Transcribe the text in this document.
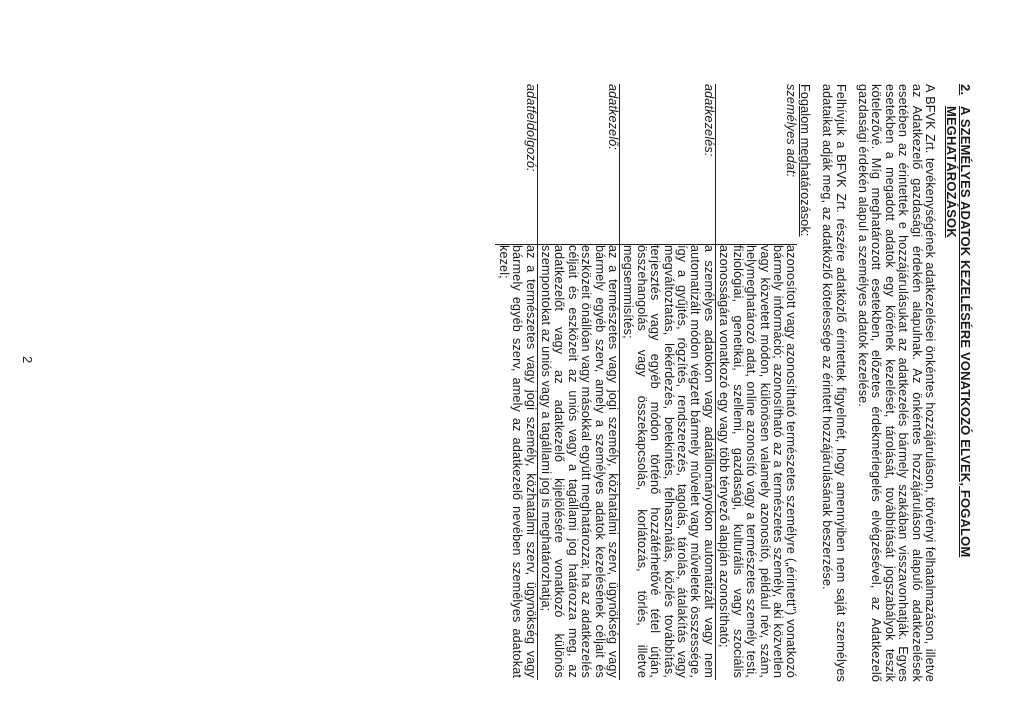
2.
A SZEMÉLYES ADATOK KEZELÉSÉRE VONATKOZÓ ELVEK, FOGALOM MEGHATÁROZÁSOK

A BFVK Zrt. tevékenységének adatkezelései önkéntes hozzájáruláson, törvényi felhatalmazáson, illetve az Adatkezelő gazdasági érdekén alapulnak. Az önkéntes hozzájáruláson alapuló adatkezelések esetében az érintettek e hozzájárulásukat az adatkezelés bármely szakában visszavonhatják. Egyes esetekben a megadott adatok egy körének kezelését, tárolását, továbbítását jogszabályok teszik kötelezővé. Míg meghatározott esetekben, előzetes érdekmérlegelés elvégzésével, az Adatkezelő gazdasági érdekén alapul a személyes adatok kezelése.

Felhívjuk a BFVK Zrt. részére adatközlő érintettek figyelmét, hogy amennyiben nem saját személyes adataikat adják meg, az adatközlő kötelessége az érintett hozzájárulásának beszerzése.

Fogalom meghatározások:
személyes adat:	azonosított vagy azonosítható természetes személyre („érintett") vonatkozó bármely információ; azonosítható az a természetes személy, aki közvetlen vagy közvetett módon, különösen valamely azonosító, például név, szám, helymeghatározó adat, online azonosító vagy a természetes személy testi, fiziológiai, genetikai, szellemi, gazdasági, kulturális vagy szociális azonosságára vonatkozó egy vagy több tényező alapján azonosítható;
adatkezelés:	a személyes adatokon vagy adatállományokon automatizált vagy nem automatizált módon végzett bármely művelet vagy műveletek összessége, így a gyűjtés, rögzítés, rendszerezés, tagolás, tárolás, átalakítás vagy megváltoztatás, lekérdezés, betekintés, felhasználás, közlés továbbítás, terjesztés vagy egyéb módon történő hozzáférhetővé tétel útján, összehangolás vagy összekapcsolás, korlátozás, törlés, illetve megsemmisítés;
adatkezelő:	az a természetes vagy jogi személy, közhatalmi szerv, ügynökség vagy bármely egyéb szerv, amely a személyes adatok kezelésének céljait és eszközeit önállóan vagy másokkal együtt meghatározza; ha az adatkezelés céljait és eszközeit az uniós vagy a tagállami jog határozza meg, az adatkezelőt vagy az adatkezelő kijelölésére vonatkozó különös szempontokat az uniós vagy a tagállami jog is meghatározhatja;
adatfeldolgozó:	az a természetes vagy jogi személy, közhatalmi szerv, ügynökség vagy bármely egyéb szerv, amely az adatkezelő nevében személyes adatokat kezel;
2
